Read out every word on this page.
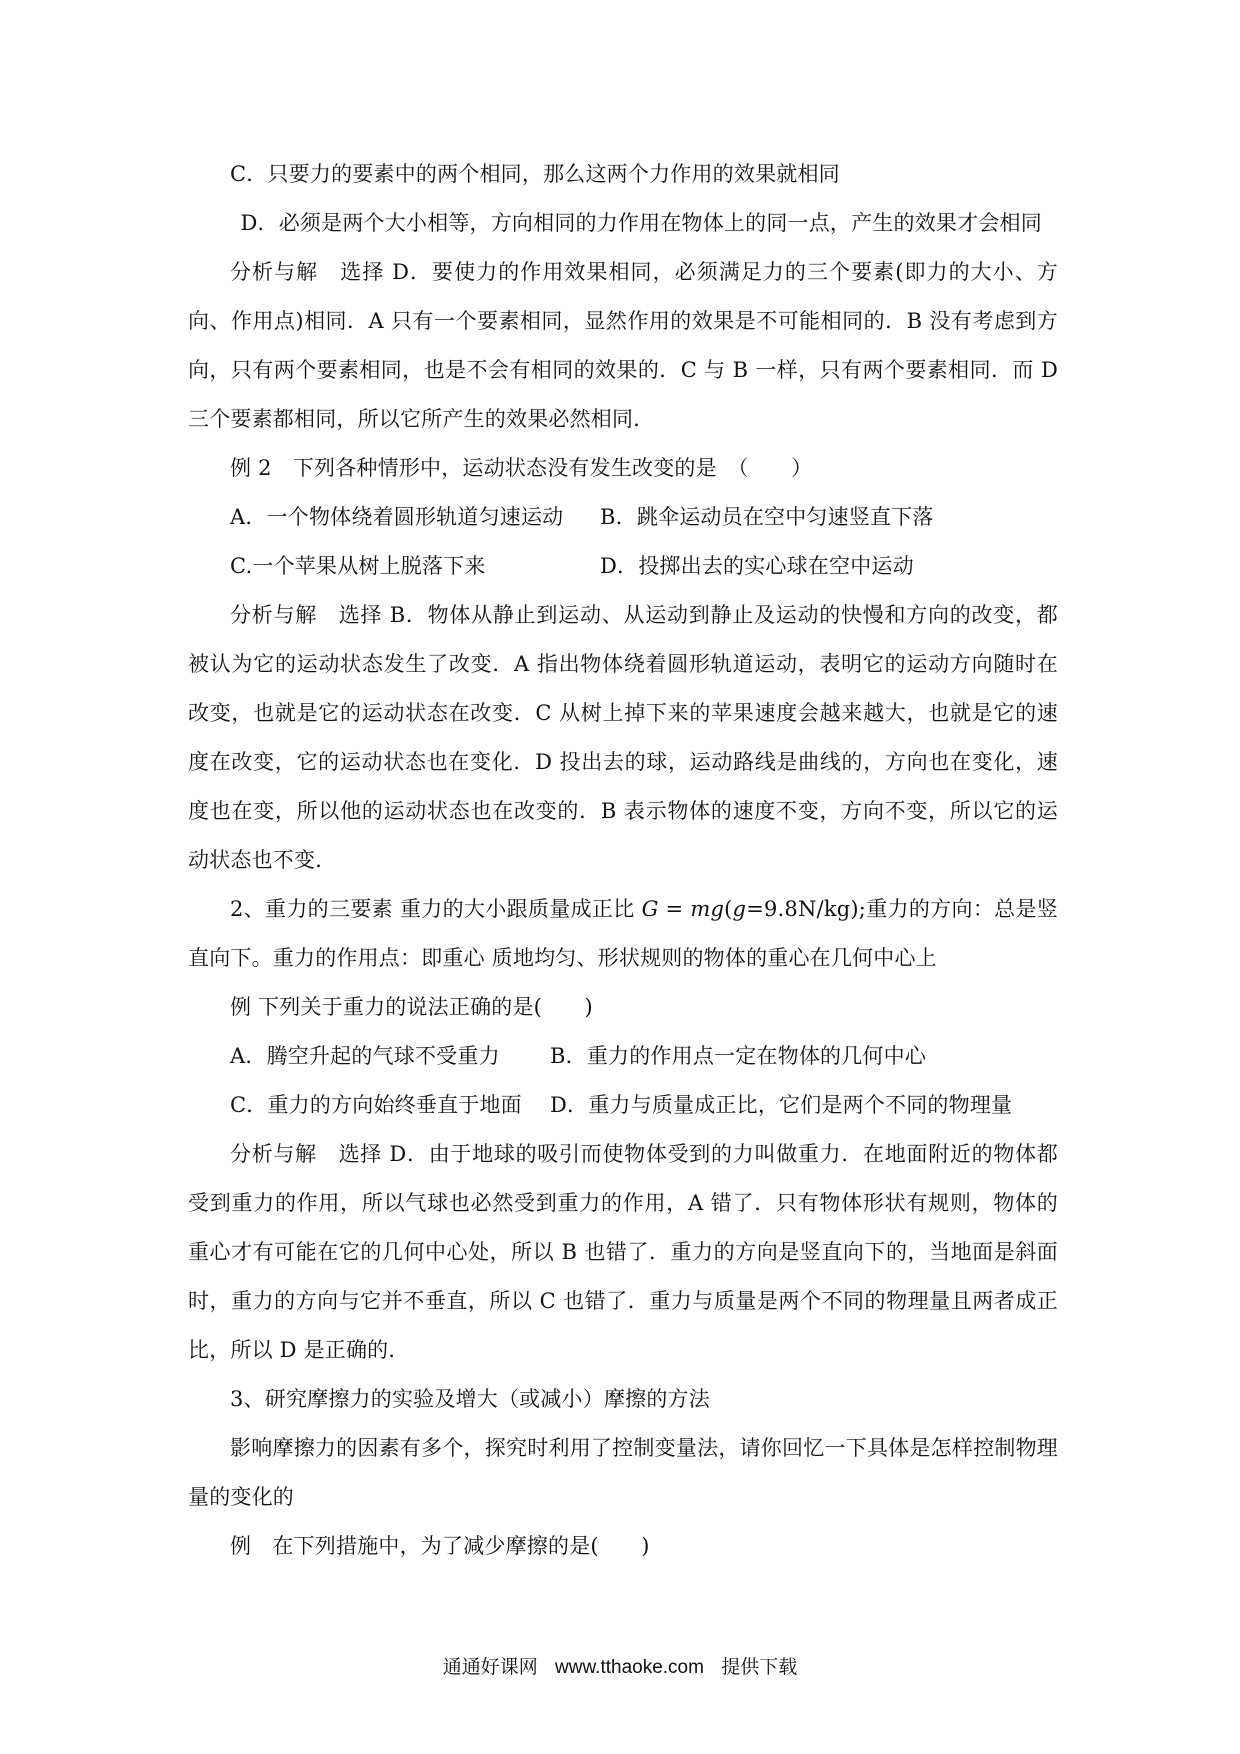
C．只要力的要素中的两个相同，那么这两个力作用的效果就相同

D．必须是两个大小相等，方向相同的力作用在物体上的同一点，产生的效果才会相同

分析与解　选择 D．要使力的作用效果相同，必须满足力的三个要素(即力的大小、方向、作用点)相同．A 只有一个要素相同，显然作用的效果是不可能相同的．B 没有考虑到方向，只有两个要素相同，也是不会有相同的效果的．C 与 B 一样，只有两个要素相同．而 D 三个要素都相同，所以它所产生的效果必然相同．

例 2　下列各种情形中，运动状态没有发生改变的是　（　　）

A．一个物体绕着圆形轨道匀速运动 B．跳伞运动员在空中匀速竖直下落

C.一个苹果从树上脱落下来	D．投掷出去的实心球在空中运动

分析与解　选择 B．物体从静止到运动、从运动到静止及运动的快慢和方向的改变，都被认为它的运动状态发生了改变．A 指出物体绕着圆形轨道运动，表明它的运动方向随时在改变，也就是它的运动状态在改变．C 从树上掉下来的苹果速度会越来越大，也就是它的速度在改变，它的运动状态也在变化．D 投出去的球，运动路线是曲线的，方向也在变化，速度也在变，所以他的运动状态也在改变的．B 表示物体的速度不变，方向不变，所以它的运动状态也不变．

2、重力的三要素 重力的大小跟质量成正比 G = mg(g=9.8N/kg);重力的方向：总是竖直向下。重力的作用点：即重心 质地均匀、形状规则的物体的重心在几何中心上

例 下列关于重力的说法正确的是(　　)

A．腾空升起的气球不受重力 B．重力的作用点一定在物体的几何中心

C．重力的方向始终垂直于地面 D．重力与质量成正比，它们是两个不同的物理量

分析与解　选择 D．由于地球的吸引而使物体受到的力叫做重力．在地面附近的物体都受到重力的作用，所以气球也必然受到重力的作用，A 错了．只有物体形状有规则，物体的重心才有可能在它的几何中心处，所以 B 也错了．重力的方向是竖直向下的，当地面是斜面时，重力的方向与它并不垂直，所以 C 也错了．重力与质量是两个不同的物理量且两者成正比，所以 D 是正确的．

3、研究摩擦力的实验及增大（或减小）摩擦的方法

影响摩擦力的因素有多个，探究时利用了控制变量法，请你回忆一下具体是怎样控制物理量的变化的

例　在下列措施中，为了减少摩擦的是(　　)

通通好课网 www.tthaoke.com 提供下载
